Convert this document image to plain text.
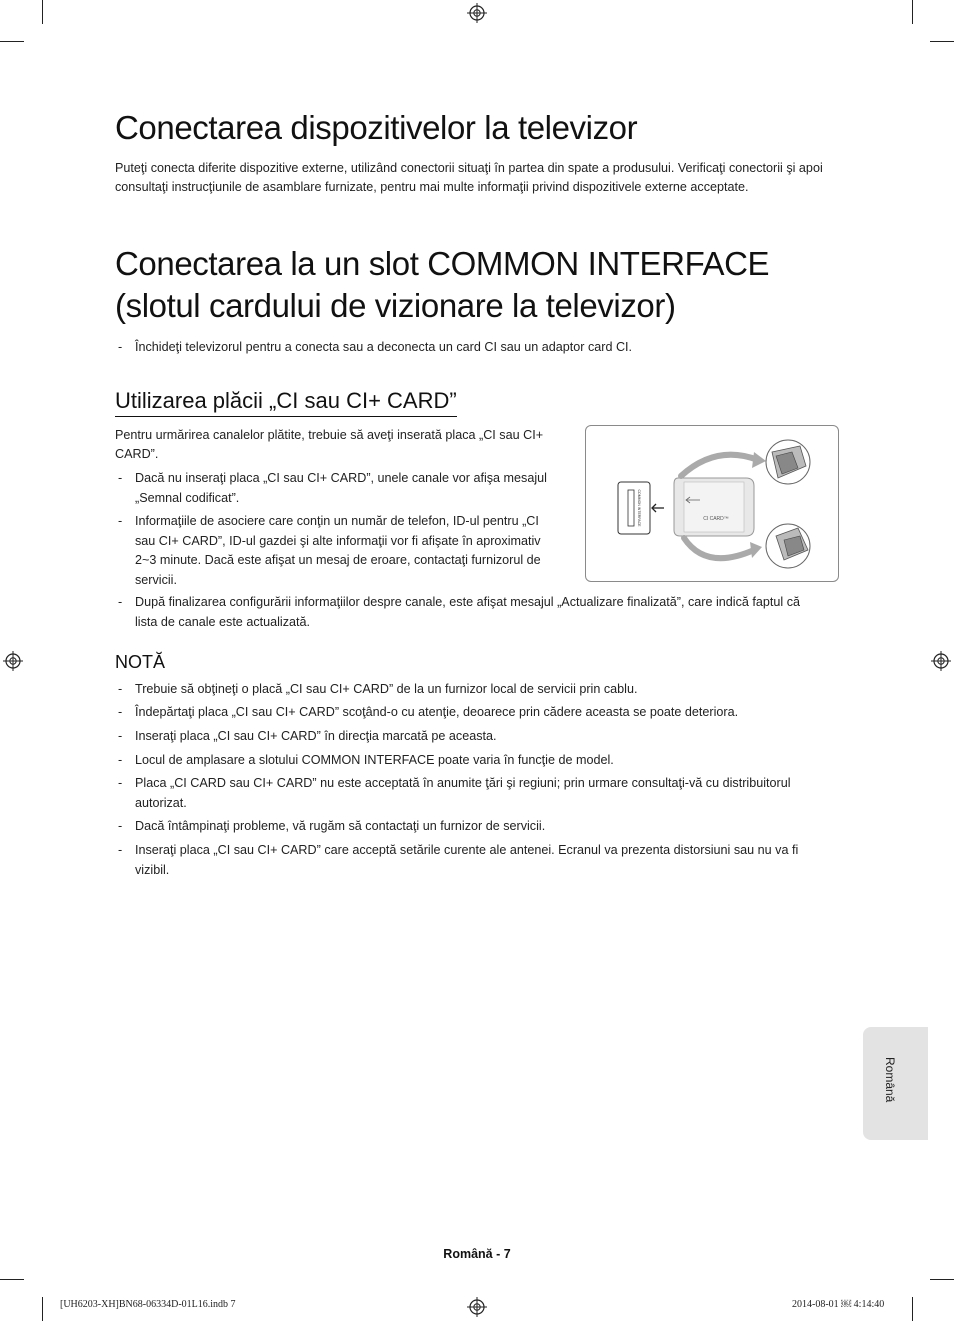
Conectarea dispozitivelor la televizor

Puteţi conecta diferite dispozitive externe, utilizând conectorii situaţi în partea din spate a produsului. Verificaţi conectorii şi apoi

consultaţi instrucţiunile de asamblare furnizate, pentru mai multe informaţii privind dispozitivele externe acceptate.

Conectarea la un slot COMMON INTERFACE
(slotul cardului de vizionare la televizor)
- Închideţi televizorul pentru a conecta sau a deconecta un card CI sau un adaptor card CI.
Utilizarea plăcii „CI sau CI+ CARD”

Pentru urmărirea canalelor plătite, trebuie să aveţi inserată placa „CI sau CI+

CARD”.

- Dacă nu inseraţi placa „CI sau CI+ CARD”, unele canale vor afişa mesajul
„Semnal codificat”.
- Informaţiile de asociere care conţin un număr de telefon, ID-ul pentru „CI
sau CI+ CARD”, ID-ul gazdei şi alte informaţii vor fi afişate în aproximativ
2~3 minute. Dacă este afişat un mesaj de eroare, contactaţi furnizorul de
servicii.
- După finalizarea configurării informaţiilor despre canale, este afişat mesajul „Actualizare finalizată”, care indică faptul că
lista de canale este actualizată.
COMMON INTERFACE	CI CARD™
NOTĂ
- Trebuie să obţineţi o placă „CI sau CI+ CARD” de la un furnizor local de servicii prin cablu.
- Îndepărtaţi placa „CI sau CI+ CARD” scoţând-o cu atenţie, deoarece prin cădere aceasta se poate deteriora.
- Inseraţi placa „CI sau CI+ CARD” în direcţia marcată pe aceasta.
- Locul de amplasare a slotului COMMON INTERFACE poate varia în funcţie de model.
- Placa „CI CARD sau CI+ CARD” nu este acceptată în anumite ţări şi regiuni; prin urmare consultaţi-vă cu distribuitorul
autorizat.
- Dacă întâmpinaţi probleme, vă rugăm să contactaţi un furnizor de servicii.
- Inseraţi placa „CI sau CI+ CARD” care acceptă setările curente ale antenei. Ecranul va prezenta distorsiuni sau nu va fi
vizibil.
Română
Română - 7
[UH6203-XH]BN68-06334D-01L16.indb 7	2014-08-01 ￼ 4:14:40
